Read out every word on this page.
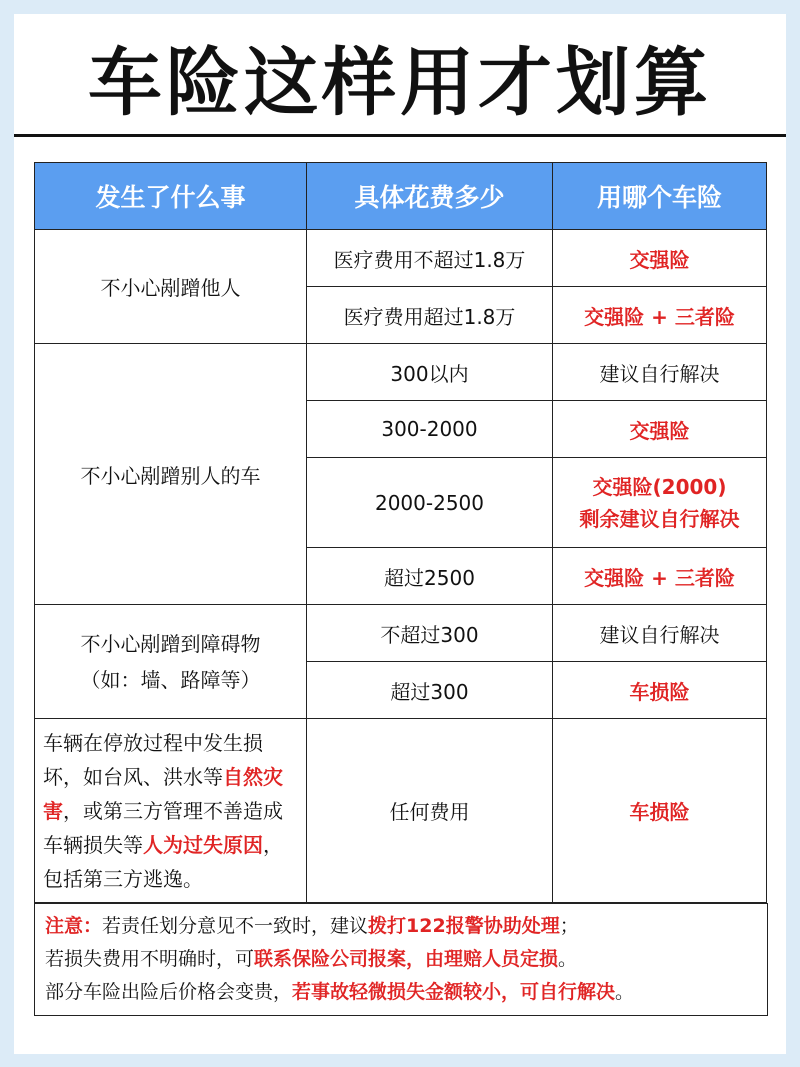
车险这样用才划算
发生了什么事	具体花费多少	用哪个车险
不小心剐蹭他人	医疗费用不超过1.8万	交强险
	医疗费用超过1.8万	交强险 + 三者险
不小心剐蹭别人的车	300以内	建议自行解决
	300-2000	交强险
	2000-2500	交强险(2000)
剩余建议自行解决

	超过2500	交强险 + 三者险

不小心剐蹭到障碍物
（如：墙、路障等）	不超过300	建议自行解决
	超过300	车损险
车辆在停放过程中发生损坏，如台风、洪水等自然灾害，或第三方管理不善造成车辆损失等人为过失原因，包括第三方逃逸。	任何费用	车损险
注意：若责任划分意见不一致时，建议拨打122报警协助处理；
若损失费用不明确时，可联系保险公司报案，由理赔人员定损。
部分车险出险后价格会变贵，若事故轻微损失金额较小，可自行解决。
